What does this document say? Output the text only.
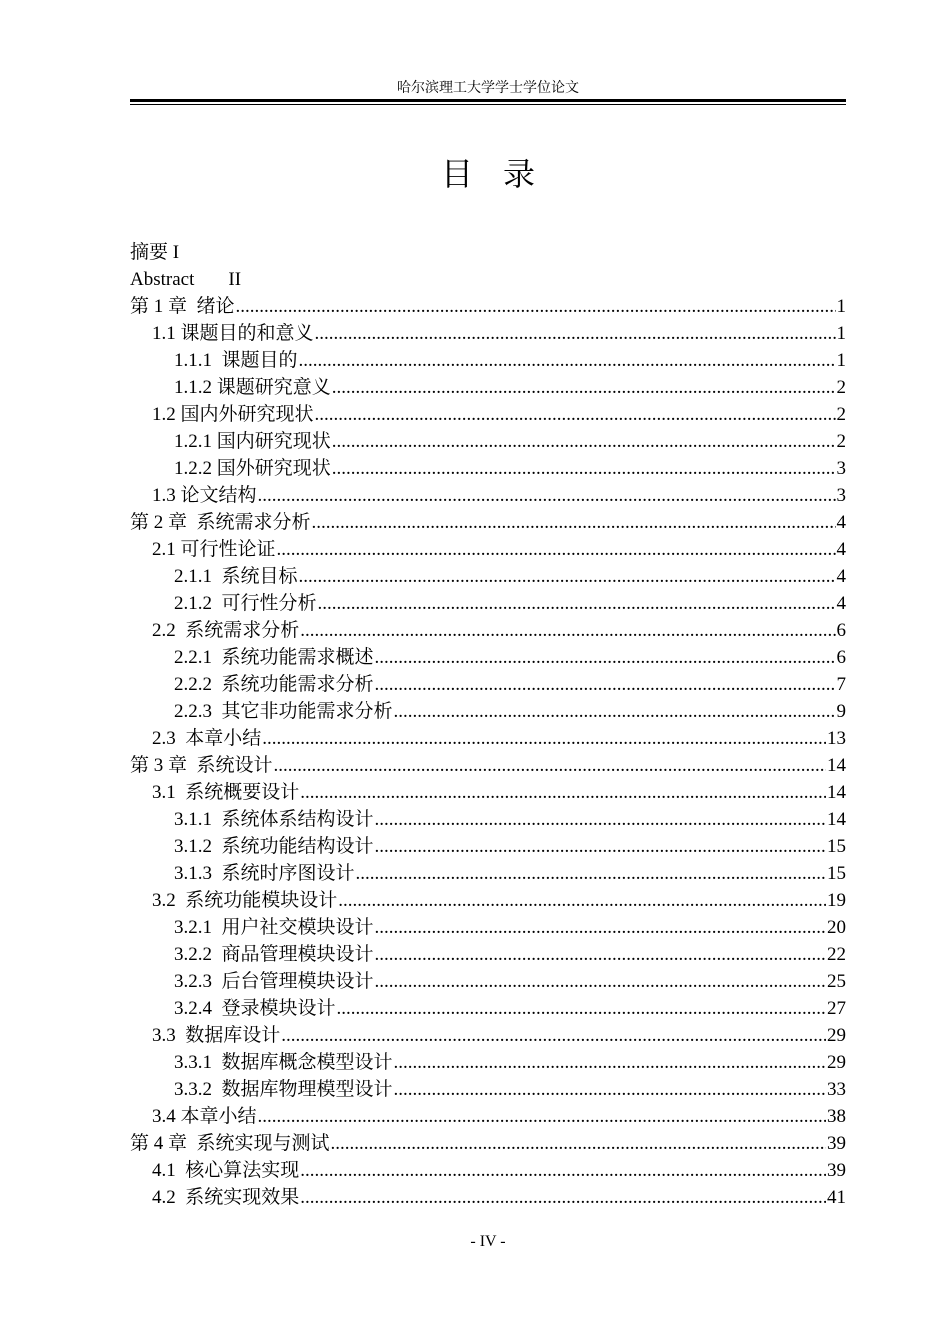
哈尔滨理工大学学士学位论文
目录
摘要 I
Abstract II
第 1 章 绪论 .....	1
1.1 课题目的和意义 .....	1
1.1.1 课题目的 .....	1
1.1.2 课题研究意义 .....	2
1.2 国内外研究现状 .....	2
1.2.1 国内研究现状 .....	2
1.2.2 国外研究现状 .....	3
1.3 论文结构 .....	3
第 2 章 系统需求分析 .....	4
2.1 可行性论证 .....	4
2.1.1 系统目标 .....	4
2.1.2 可行性分析 .....	4
2.2 系统需求分析 .....	6
2.2.1 系统功能需求概述 .....	6
2.2.2 系统功能需求分析 .....	7
2.2.3 其它非功能需求分析 .....	9
2.3 本章小结 .....	13
第 3 章 系统设计 .....	14
3.1 系统概要设计 .....	14
3.1.1 系统体系结构设计 .....	14
3.1.2 系统功能结构设计 .....	15
3.1.3 系统时序图设计 .....	15
3.2 系统功能模块设计 .....	19
3.2.1 用户社交模块设计 .....	20
3.2.2 商品管理模块设计 .....	22
3.2.3 后台管理模块设计 .....	25
3.2.4 登录模块设计 .....	27
3.3 数据库设计 .....	29
3.3.1 数据库概念模型设计 .....	29
3.3.2 数据库物理模型设计 .....	33
3.4 本章小结 .....	38
第 4 章 系统实现与测试 .....	39
4.1 核心算法实现 .....	39
4.2 系统实现效果 .....	41
- IV -
